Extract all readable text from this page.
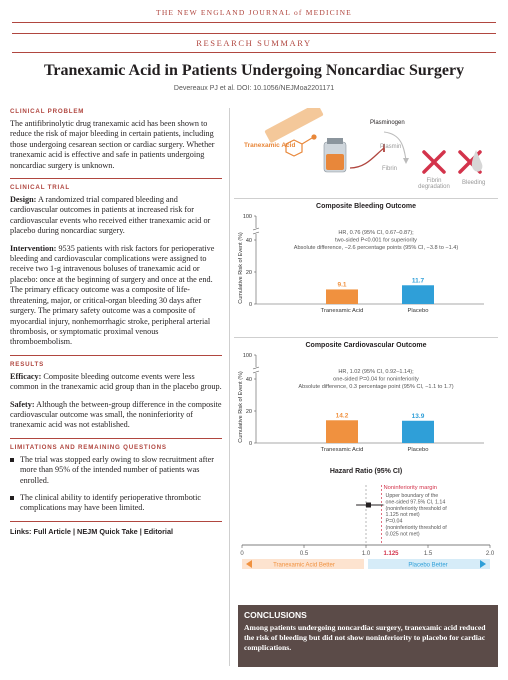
THE NEW ENGLAND JOURNAL of MEDICINE
RESEARCH SUMMARY
Tranexamic Acid in Patients Undergoing Noncardiac Surgery
Devereaux PJ et al. DOI: 10.1056/NEJMoa2201171
CLINICAL PROBLEM
The antifibrinolytic drug tranexamic acid has been shown to reduce the risk of major bleeding in certain patients, including those undergoing cesarean section or cardiac surgery. Whether tranexamic acid is effective and safe in patients undergoing noncardiac surgery is unknown.
CLINICAL TRIAL
Design: A randomized trial compared bleeding and cardiovascular outcomes in patients at increased risk for cardiovascular events who received either tranexamic acid or placebo during noncardiac surgery.
Intervention: 9535 patients with risk factors for perioperative bleeding and cardiovascular complications were assigned to receive two 1-g intravenous boluses of tranexamic acid or placebo: once at the beginning of surgery and once at the end. The primary efficacy outcome was a composite of life-threatening, major, or critical-organ bleeding 30 days after surgery. The primary safety outcome was a composite of myocardial injury, nonhemorrhagic stroke, peripheral arterial thrombosis, or symptomatic proximal venous thromboembolism.
RESULTS
Efficacy: Composite bleeding outcome events were less common in the tranexamic acid group than in the placebo group.
Safety: Although the between-group difference in the composite cardiovascular outcome was small, the noninferiority of tranexamic acid was not established.
LIMITATIONS AND REMAINING QUESTIONS
The trial was stopped early owing to slow recruitment after more than 95% of the intended number of patients was enrolled.
The clinical ability to identify perioperative thrombotic complications may have been limited.
Links: Full Article | NEJM Quick Take | Editorial
Tranexamic Acid
Plasminogen
Plasmin
Fibrin
Fibrin degradation
Bleeding
Composite Bleeding Outcome
0
20
40
100
Cumulative Risk of Event (%)	HR, 0.76 (95% CI, 0.67–0.87);
two-sided P<0.001 for superiority
Absolute difference, −2.6 percentage points (95% CI, −3.8 to −1.4)
9.1
Tranexamic Acid
11.7
Placebo
Composite Cardiovascular Outcome
0
20
40
100
Cumulative Risk of Event (%)	HR, 1.02 (95% CI, 0.92–1.14);
one-sided P=0.04 for noninferiority
Absolute difference, 0.3 percentage point (95% CI, −1.1 to 1.7)
14.2
Tranexamic Acid
13.9
Placebo
Hazard Ratio (95% CI)
0	0.5	1.0	1.5	2.0
1.125
Noninferiority margin
Upper boundary of the
one-sided 97.5% CI, 1.14
(noninferiority threshold of
1.125 not met)
P=0.04
(noninferiority threshold of
0.025 not met)
Tranexamic Acid Better	Placebo Better
CONCLUSIONS
Among patients undergoing noncardiac surgery, tranexamic acid reduced the risk of bleeding but did not show noninferiority to placebo for cardiac complications.
